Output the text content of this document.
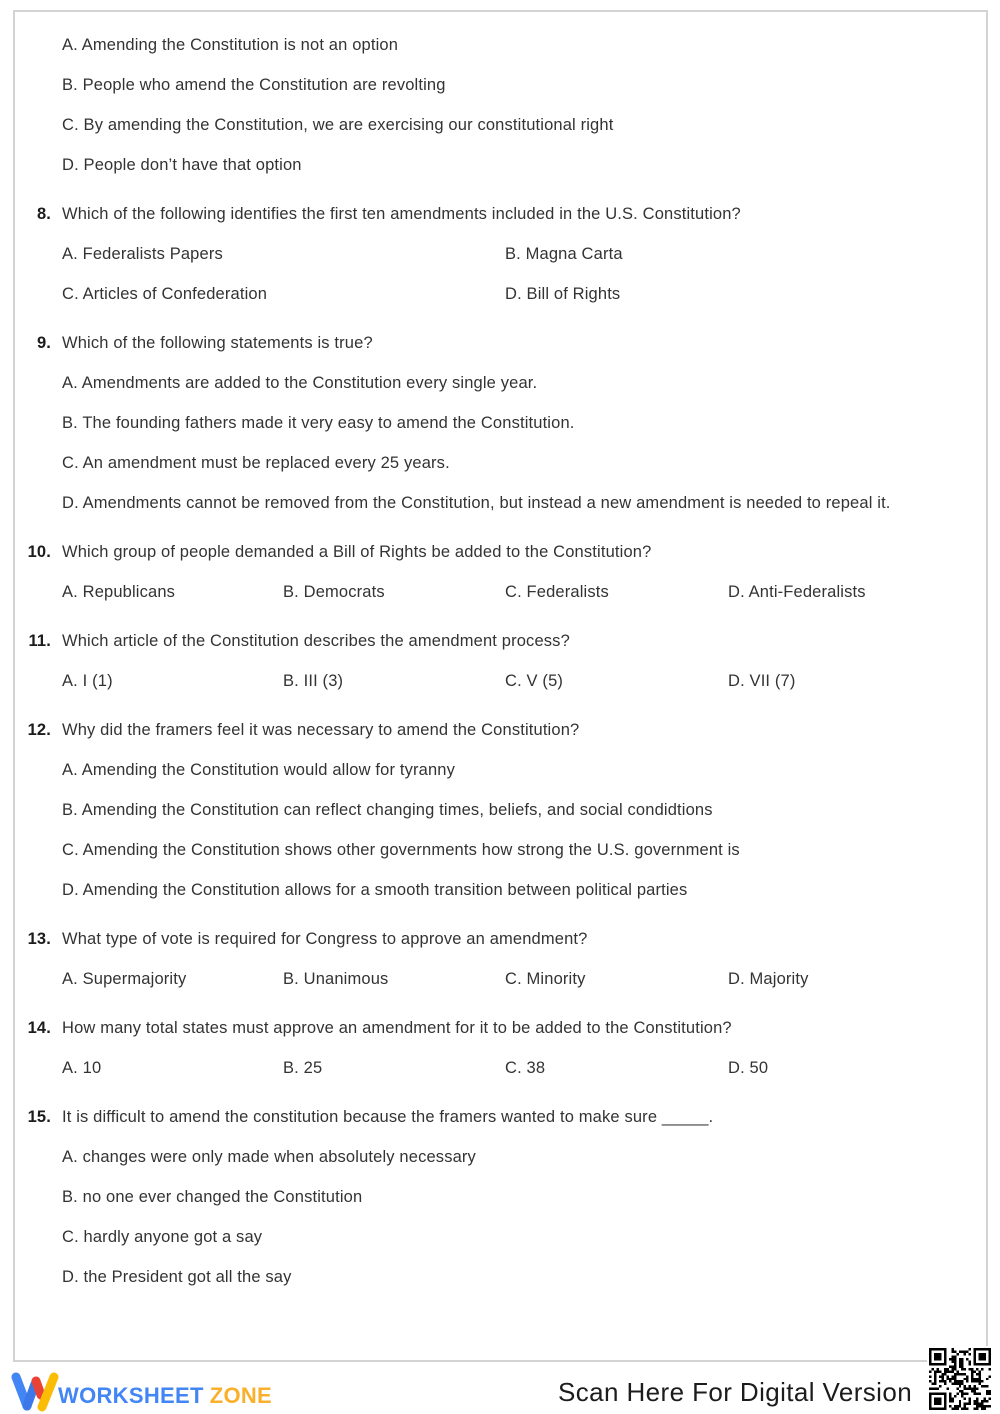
A. Amending the Constitution is not an option
B. People who amend the Constitution are revolting
C. By amending the Constitution, we are exercising our constitutional right
D. People don’t have that option
8. Which of the following identifies the first ten amendments included in the U.S. Constitution?
A. Federalists Papers	B. Magna Carta
C. Articles of Confederation	D. Bill of Rights
9. Which of the following statements is true?
A. Amendments are added to the Constitution every single year.
B. The founding fathers made it very easy to amend the Constitution.
C. An amendment must be replaced every 25 years.
D. Amendments cannot be removed from the Constitution, but instead a new amendment is needed to repeal it.
10. Which group of people demanded a Bill of Rights be added to the Constitution?
A. Republicans	B. Democrats	C. Federalists	D. Anti-Federalists
11. Which article of the Constitution describes the amendment process?
A. I (1)	B. III (3)	C. V (5)	D. VII (7)
12. Why did the framers feel it was necessary to amend the Constitution?
A. Amending the Constitution would allow for tyranny
B. Amending the Constitution can reflect changing times, beliefs, and social condidtions
C. Amending the Constitution shows other governments how strong the U.S. government is
D. Amending the Constitution allows for a smooth transition between political parties
13. What type of vote is required for Congress to approve an amendment?
A. Supermajority	B. Unanimous	C. Minority	D. Majority
14. How many total states must approve an amendment for it to be added to the Constitution?
A. 10	B. 25	C. 38	D. 50
15. It is difficult to amend the constitution because the framers wanted to make sure _____.
A. changes were only made when absolutely necessary
B. no one ever changed the Constitution
C. hardly anyone got a say
D. the President got all the say
WORKSHEET ZONE	Scan Here For Digital Version
